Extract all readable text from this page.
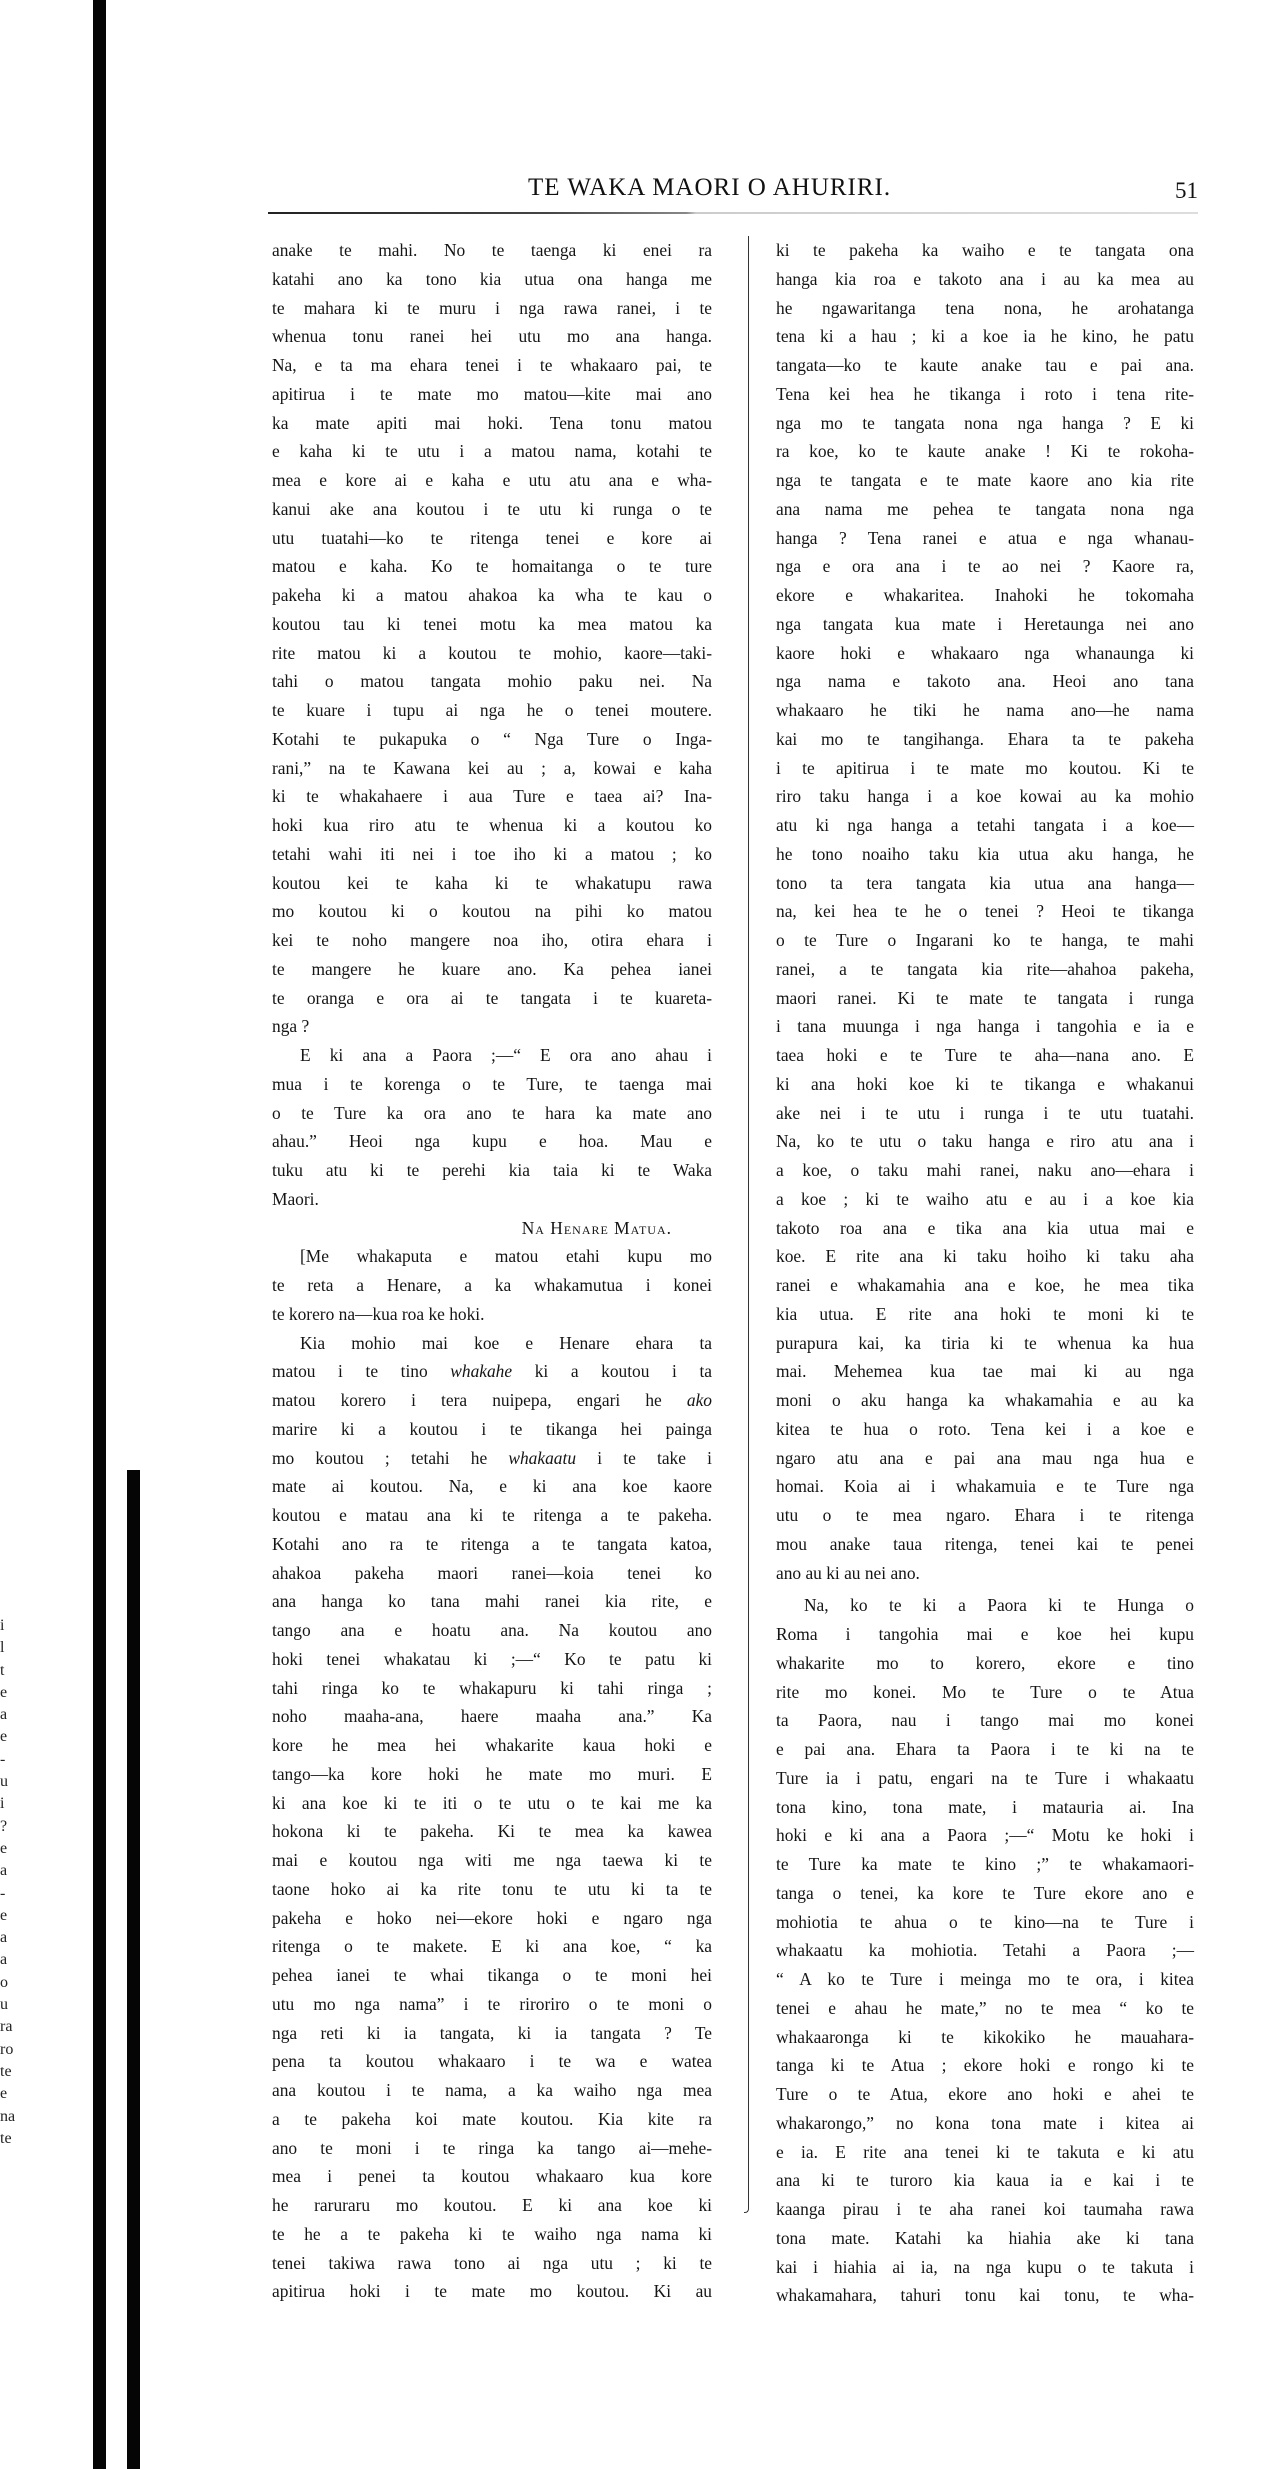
i
l
t
e
a
e
-
u
i
?
e
a
-
e
a
a
o
u
ra
ro
te
e
na
te
TE WAKA MAORI O AHURIRI.	51
anake te mahi. No te taenga ki enei ra
katahi ano ka tono kia utua ona hanga me
te mahara ki te muru i nga rawa ranei, i te
whenua tonu ranei hei utu mo ana hanga.
Na, e ta ma ehara tenei i te whakaaro pai, te
apitirua i te mate mo matou—kite mai ano
ka mate apiti mai hoki. Tena tonu matou
e kaha ki te utu i a matou nama, kotahi te
mea e kore ai e kaha e utu atu ana e wha-
kanui ake ana koutou i te utu ki runga o te
utu tuatahi—ko te ritenga tenei e kore ai
matou e kaha. Ko te homaitanga o te ture
pakeha ki a matou ahakoa ka wha te kau o
koutou tau ki tenei motu ka mea matou ka
rite matou ki a koutou te mohio, kaore—taki-
tahi o matou tangata mohio paku nei. Na
te kuare i tupu ai nga he o tenei moutere.
Kotahi te pukapuka o “ Nga Ture o Inga-
rani,” na te Kawana kei au ; a, kowai e kaha
ki te whakahaere i aua Ture e taea ai? Ina-
hoki kua riro atu te whenua ki a koutou ko
tetahi wahi iti nei i toe iho ki a matou ; ko
koutou kei te kaha ki te whakatupu rawa
mo koutou ki o koutou na pihi ko matou
kei te noho mangere noa iho, otira ehara i
te mangere he kuare ano. Ka pehea ianei
te oranga e ora ai te tangata i te kuareta-
nga ?
E ki ana a Paora ;—“ E ora ano ahau i
mua i te korenga o te Ture, te taenga mai
o te Ture ka ora ano te hara ka mate ano
ahau.” Heoi nga kupu e hoa. Mau e
tuku atu ki te perehi kia taia ki te Waka
Maori.
Na Henare Matua.
[Me whakaputa e matou etahi kupu mo
te reta a Henare, a ka whakamutua i konei
te korero na—kua roa ke hoki.
Kia mohio mai koe e Henare ehara ta
matou i te tino whakahe ki a koutou i ta
matou korero i tera nuipepa, engari he ako
marire ki a koutou i te tikanga hei painga
mo koutou ; tetahi he whakaatu i te take i
mate ai koutou. Na, e ki ana koe kaore
koutou e matau ana ki te ritenga a te pakeha.
Kotahi ano ra te ritenga a te tangata katoa,
ahakoa pakeha maori ranei—koia tenei ko
ana hanga ko tana mahi ranei kia rite, e
tango ana e hoatu ana. Na koutou ano
hoki tenei whakatau ki ;—“ Ko te patu ki
tahi ringa ko te whakapuru ki tahi ringa ;
noho maaha-ana, haere maaha ana.” Ka
kore he mea hei whakarite kaua hoki e
tango—ka kore hoki he mate mo muri. E
ki ana koe ki te iti o te utu o te kai me ka
hokona ki te pakeha. Ki te mea ka kawea
mai e koutou nga witi me nga taewa ki te
taone hoko ai ka rite tonu te utu ki ta te
pakeha e hoko nei—ekore hoki e ngaro nga
ritenga o te makete. E ki ana koe, “ ka
pehea ianei te whai tikanga o te moni hei
utu mo nga nama” i te riroriro o te moni o
nga reti ki ia tangata, ki ia tangata ? Te
pena ta koutou whakaaro i te wa e watea
ana koutou i te nama, a ka waiho nga mea
a te pakeha koi mate koutou. Kia kite ra
ano te moni i te ringa ka tango ai—mehe-
mea i penei ta koutou whakaaro kua kore
he raruraru mo koutou. E ki ana koe ki
te he a te pakeha ki te waiho nga nama ki
tenei takiwa rawa tono ai nga utu ; ki te
apitirua hoki i te mate mo koutou. Ki au
ki te pakeha ka waiho e te tangata ona
hanga kia roa e takoto ana i au ka mea au
he ngawaritanga tena nona, he arohatanga
tena ki a hau ; ki a koe ia he kino, he patu
tangata—ko te kaute anake tau e pai ana.
Tena kei hea he tikanga i roto i tena rite-
nga mo te tangata nona nga hanga ? E ki
ra koe, ko te kaute anake ! Ki te rokoha-
nga te tangata e te mate kaore ano kia rite
ana nama me pehea te tangata nona nga
hanga ? Tena ranei e atua e nga whanau-
nga e ora ana i te ao nei ? Kaore ra,
ekore e whakaritea. Inahoki he tokomaha
nga tangata kua mate i Heretaunga nei ano
kaore hoki e whakaaro nga whanaunga ki
nga nama e takoto ana. Heoi ano tana
whakaaro he tiki he nama ano—he nama
kai mo te tangihanga. Ehara ta te pakeha
i te apitirua i te mate mo koutou. Ki te
riro taku hanga i a koe kowai au ka mohio
atu ki nga hanga a tetahi tangata i a koe—
he tono noaiho taku kia utua aku hanga, he
tono ta tera tangata kia utua ana hanga—
na, kei hea te he o tenei ? Heoi te tikanga
o te Ture o Ingarani ko te hanga, te mahi
ranei, a te tangata kia rite—ahahoa pakeha,
maori ranei. Ki te mate te tangata i runga
i tana muunga i nga hanga i tangohia e ia e
taea hoki e te Ture te aha—nana ano. E
ki ana hoki koe ki te tikanga e whakanui
ake nei i te utu i runga i te utu tuatahi.
Na, ko te utu o taku hanga e riro atu ana i
a koe, o taku mahi ranei, naku ano—ehara i
a koe ; ki te waiho atu e au i a koe kia
takoto roa ana e tika ana kia utua mai e
koe. E rite ana ki taku hoiho ki taku aha
ranei e whakamahia ana e koe, he mea tika
kia utua. E rite ana hoki te moni ki te
purapura kai, ka tiria ki te whenua ka hua
mai. Mehemea kua tae mai ki au nga
moni o aku hanga ka whakamahia e au ka
kitea te hua o roto. Tena kei i a koe e
ngaro atu ana e pai ana mau nga hua e
homai. Koia ai i whakamuia e te Ture nga
utu o te mea ngaro. Ehara i te ritenga
mou anake taua ritenga, tenei kai te penei
ano au ki au nei ano.
Na, ko te ki a Paora ki te Hunga o
Roma i tangohia mai e koe hei kupu
whakarite mo to korero, ekore e tino
rite mo konei. Mo te Ture o te Atua
ta Paora, nau i tango mai mo konei
e pai ana. Ehara ta Paora i te ki na te
Ture ia i patu, engari na te Ture i whakaatu
tona kino, tona mate, i matauria ai. Ina
hoki e ki ana a Paora ;—“ Motu ke hoki i
te Ture ka mate te kino ;” te whakamaori-
tanga o tenei, ka kore te Ture ekore ano e
mohiotia te ahua o te kino—na te Ture i
whakaatu ka mohiotia. Tetahi a Paora ;—
“ A ko te Ture i meinga mo te ora, i kitea
tenei e ahau he mate,” no te mea “ ko te
whakaaronga ki te kikokiko he mauahara-
tanga ki te Atua ; ekore hoki e rongo ki te
Ture o te Atua, ekore ano hoki e ahei te
whakarongo,” no kona tona mate i kitea ai
e ia. E rite ana tenei ki te takuta e ki atu
ana ki te turoro kia kaua ia e kai i te
kaanga pirau i te aha ranei koi taumaha rawa
tona mate. Katahi ka hiahia ake ki tana
kai i hiahia ai ia, na nga kupu o te takuta i
whakamahara, tahuri tonu kai tonu, te wha-
